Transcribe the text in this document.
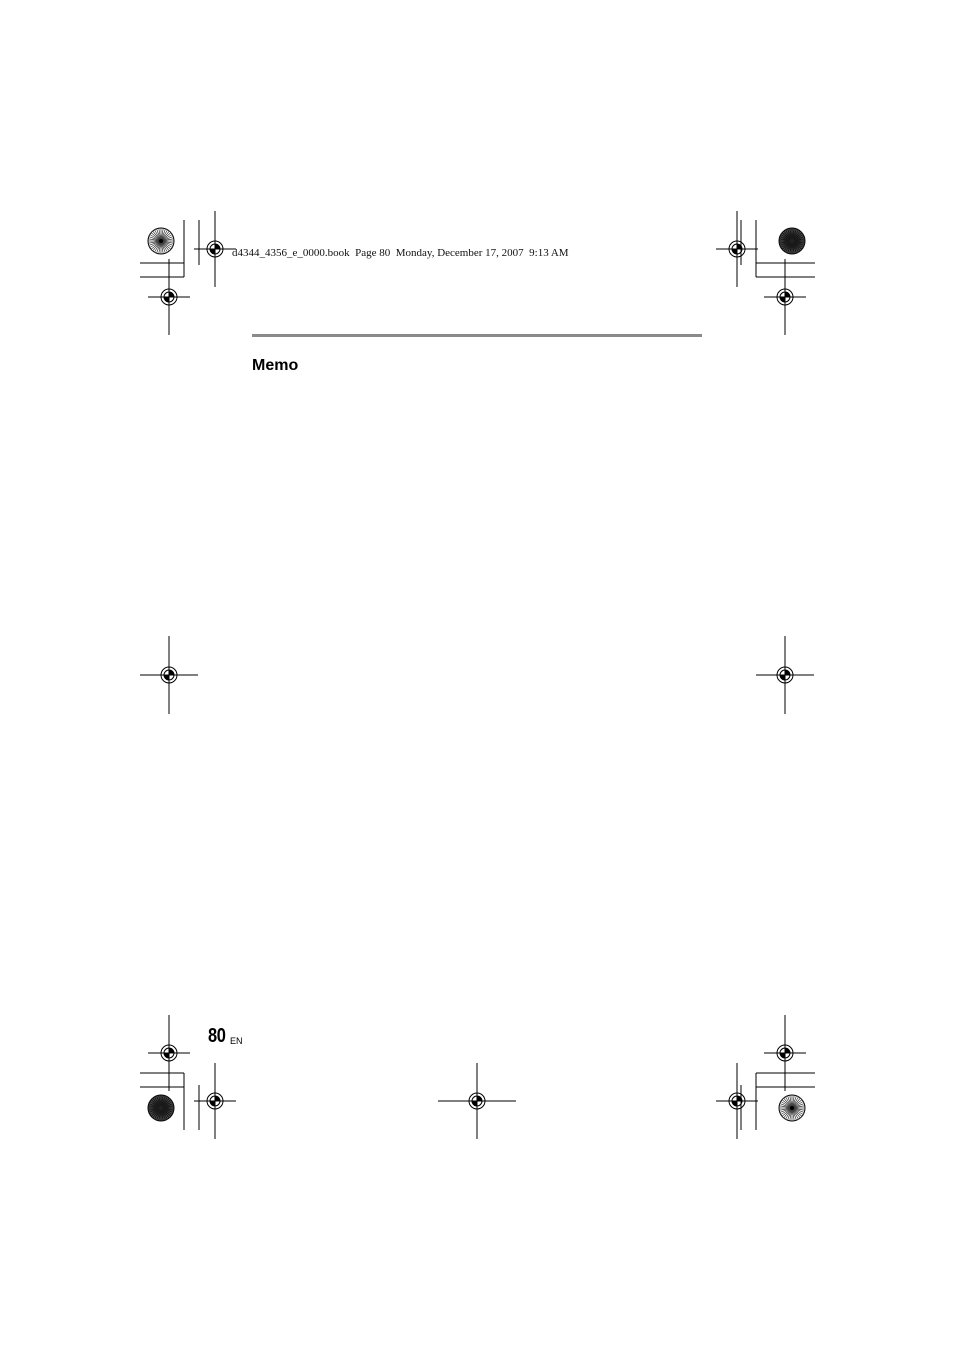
d4344_4356_e_0000.book  Page 80  Monday, December 17, 2007  9:13 AM
Memo
80 EN
